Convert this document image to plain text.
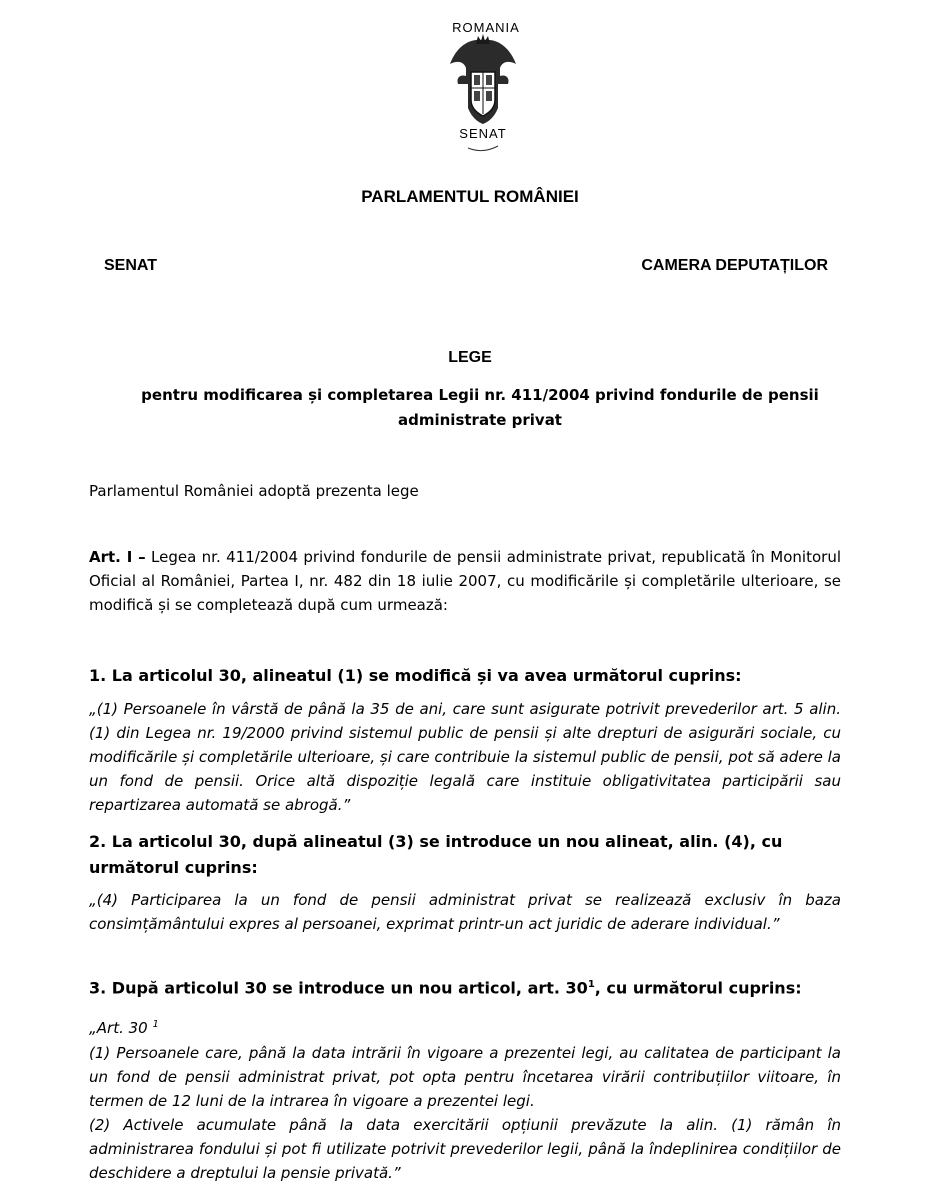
ROMANIA
SENAT
PARLAMENTUL ROMÂNIEI
SENAT	CAMERA DEPUTAȚILOR
LEGE
pentru modificarea și completarea Legii nr. 411/2004 privind fondurile de pensii administrate privat
Parlamentul României adoptă prezenta lege
Art. I – Legea nr. 411/2004 privind fondurile de pensii administrate privat, republicată în Monitorul Oficial al României, Partea I, nr. 482 din 18 iulie 2007, cu modificările și completările ulterioare, se modifică și se completează după cum urmează:
1. La articolul 30, alineatul (1) se modifică și va avea următorul cuprins:
„(1) Persoanele în vârstă de până la 35 de ani, care sunt asigurate potrivit prevederilor art. 5 alin. (1) din Legea nr. 19/2000 privind sistemul public de pensii și alte drepturi de asigurări sociale, cu modificările și completările ulterioare, și care contribuie la sistemul public de pensii, pot să adere la un fond de pensii. Orice altă dispoziție legală care instituie obligativitatea participării sau repartizarea automată se abrogă.”
2. La articolul 30, după alineatul (3) se introduce un nou alineat, alin. (4), cu următorul cuprins:
„(4) Participarea la un fond de pensii administrat privat se realizează exclusiv în baza consimțământului expres al persoanei, exprimat printr-un act juridic de aderare individual.”
3. După articolul 30 se introduce un nou articol, art. $30^1$, cu următorul cuprins:
„Art. 30 $^1$
(1) Persoanele care, până la data intrării în vigoare a prezentei legi, au calitatea de participant la un fond de pensii administrat privat, pot opta pentru încetarea virării contribuțiilor viitoare, în termen de 12 luni de la intrarea în vigoare a prezentei legi.
(2) Activele acumulate până la data exercitării opțiunii prevăzute la alin. (1) rămân în administrarea fondului și pot fi utilizate potrivit prevederilor legii, până la îndeplinirea condițiilor de deschidere a dreptului la pensie privată.”
